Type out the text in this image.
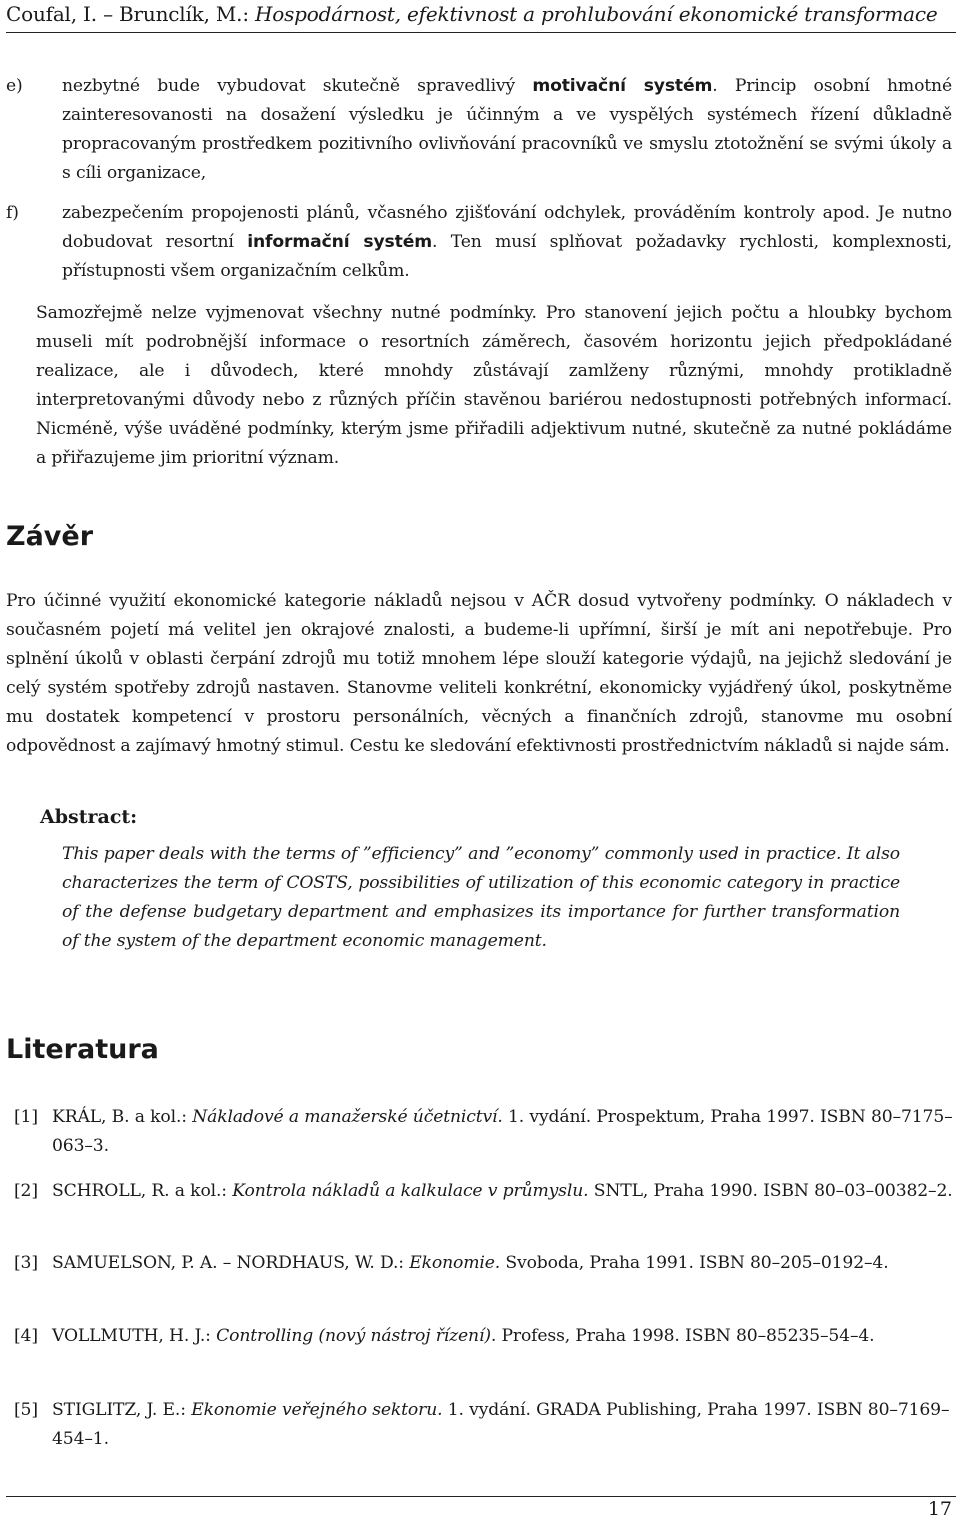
Coufal, I. – Brunclík, M.: Hospodárnost, efektivnost a prohlubování ekonomické transformace
e)	nezbytné bude vybudovat skutečně spravedlivý motivační systém. Princip osobní hmotné zainteresovanosti na dosažení výsledku je účinným a ve vyspělých systémech řízení důkladně propracovaným prostředkem pozitivního ovlivňování pracovníků ve smyslu ztotožnění se svými úkoly a s cíli organizace,
f)	zabezpečením propojenosti plánů, včasného zjišťování odchylek, prováděním kontroly apod. Je nutno dobudovat resortní informační systém. Ten musí splňovat požadavky rychlosti, komplexnosti, přístupnosti všem organizačním celkům.
Samozřejmě nelze vyjmenovat všechny nutné podmínky. Pro stanovení jejich počtu a hloubky bychom museli mít podrobnější informace o resortních záměrech, časovém horizontu jejich předpokládané realizace, ale i důvodech, které mnohdy zůstávají zamlženy různými, mnohdy protikladně interpretovanými důvody nebo z různých příčin stavěnou bariérou nedostupnosti potřebných informací. Nicméně, výše uváděné podmínky, kterým jsme přiřadili adjektivum nutné, skutečně za nutné pokládáme a přiřazujeme jim prioritní význam.
Závěr
Pro účinné využití ekonomické kategorie nákladů nejsou v AČR dosud vytvořeny podmínky. O nákladech v současném pojetí má velitel jen okrajové znalosti, a budeme-li upřímní, širší je mít ani nepotřebuje. Pro splnění úkolů v oblasti čerpání zdrojů mu totiž mnohem lépe slouží kategorie výdajů, na jejichž sledování je celý systém spotřeby zdrojů nastaven. Stanovme veliteli konkrétní, ekonomicky vyjádřený úkol, poskytněme mu dostatek kompetencí v prostoru personálních, věcných a finančních zdrojů, stanovme mu osobní odpovědnost a zajímavý hmotný stimul. Cestu ke sledování efektivnosti prostřednictvím nákladů si najde sám.
Abstract:
This paper deals with the terms of ”efficiency” and ”economy” commonly used in practice. It also characterizes the term of COSTS, possibilities of utilization of this economic category in practice of the defense budgetary department and emphasizes its importance for further transformation of the system of the department economic management.
Literatura
[1] KRÁL, B. a kol.: Nákladové a manažerské účetnictví. 1. vydání. Prospektum, Praha 1997. ISBN 80–7175–063–3.
[2] SCHROLL, R. a kol.: Kontrola nákladů a kalkulace v průmyslu. SNTL, Praha 1990. ISBN 80–03–00382–2.
[3] SAMUELSON, P. A. – NORDHAUS, W. D.: Ekonomie. Svoboda, Praha 1991. ISBN 80–205–0192–4.
[4] VOLLMUTH, H. J.: Controlling (nový nástroj řízení). Profess, Praha 1998. ISBN 80–85235–54–4.
[5] STIGLITZ, J. E.: Ekonomie veřejného sektoru. 1. vydání. GRADA Publishing, Praha 1997. ISBN 80–7169–454–1.
17
